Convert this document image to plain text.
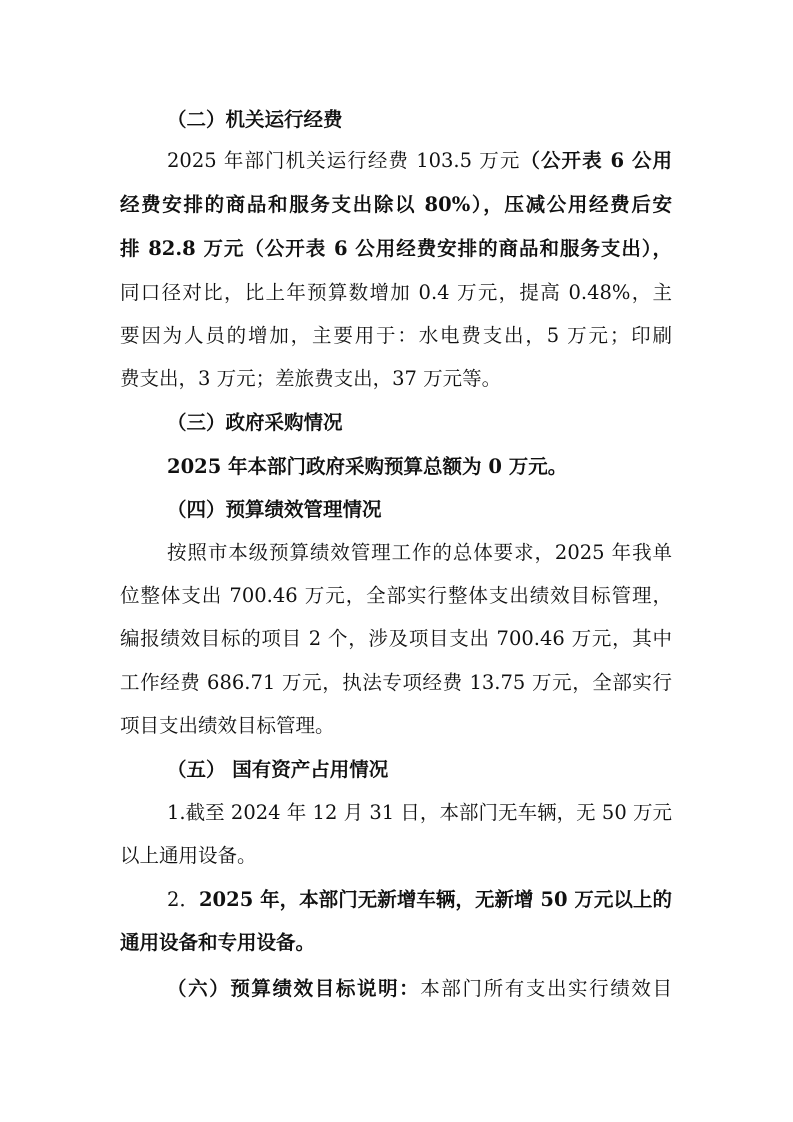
（二）机关运行经费
2025 年部门机关运行经费 103.5 万元（公开表 6 公用
经费安排的商品和服务支出除以 80%），压减公用经费后安
排 82.8 万元（公开表 6 公用经费安排的商品和服务支出），
同口径对比，比上年预算数增加 0.4 万元，提高 0.48%，主
要因为人员的增加，主要用于：水电费支出，5 万元；印刷
费支出，3 万元；差旅费支出，37 万元等。
（三）政府采购情况
2025 年本部门政府采购预算总额为 0 万元。
（四）预算绩效管理情况
按照市本级预算绩效管理工作的总体要求，2025 年我单
位整体支出 700.46 万元，全部实行整体支出绩效目标管理，
编报绩效目标的项目 2 个，涉及项目支出 700.46 万元，其中
工作经费 686.71 万元，执法专项经费 13.75 万元，全部实行
项目支出绩效目标管理。
（五） 国有资产占用情况
1.截至 2024 年 12 月 31 日，本部门无车辆，无 50 万元
以上通用设备。
2．2025 年，本部门无新增车辆，无新增 50 万元以上的
通用设备和专用设备。
（六）预算绩效目标说明：本部门所有支出实行绩效目
